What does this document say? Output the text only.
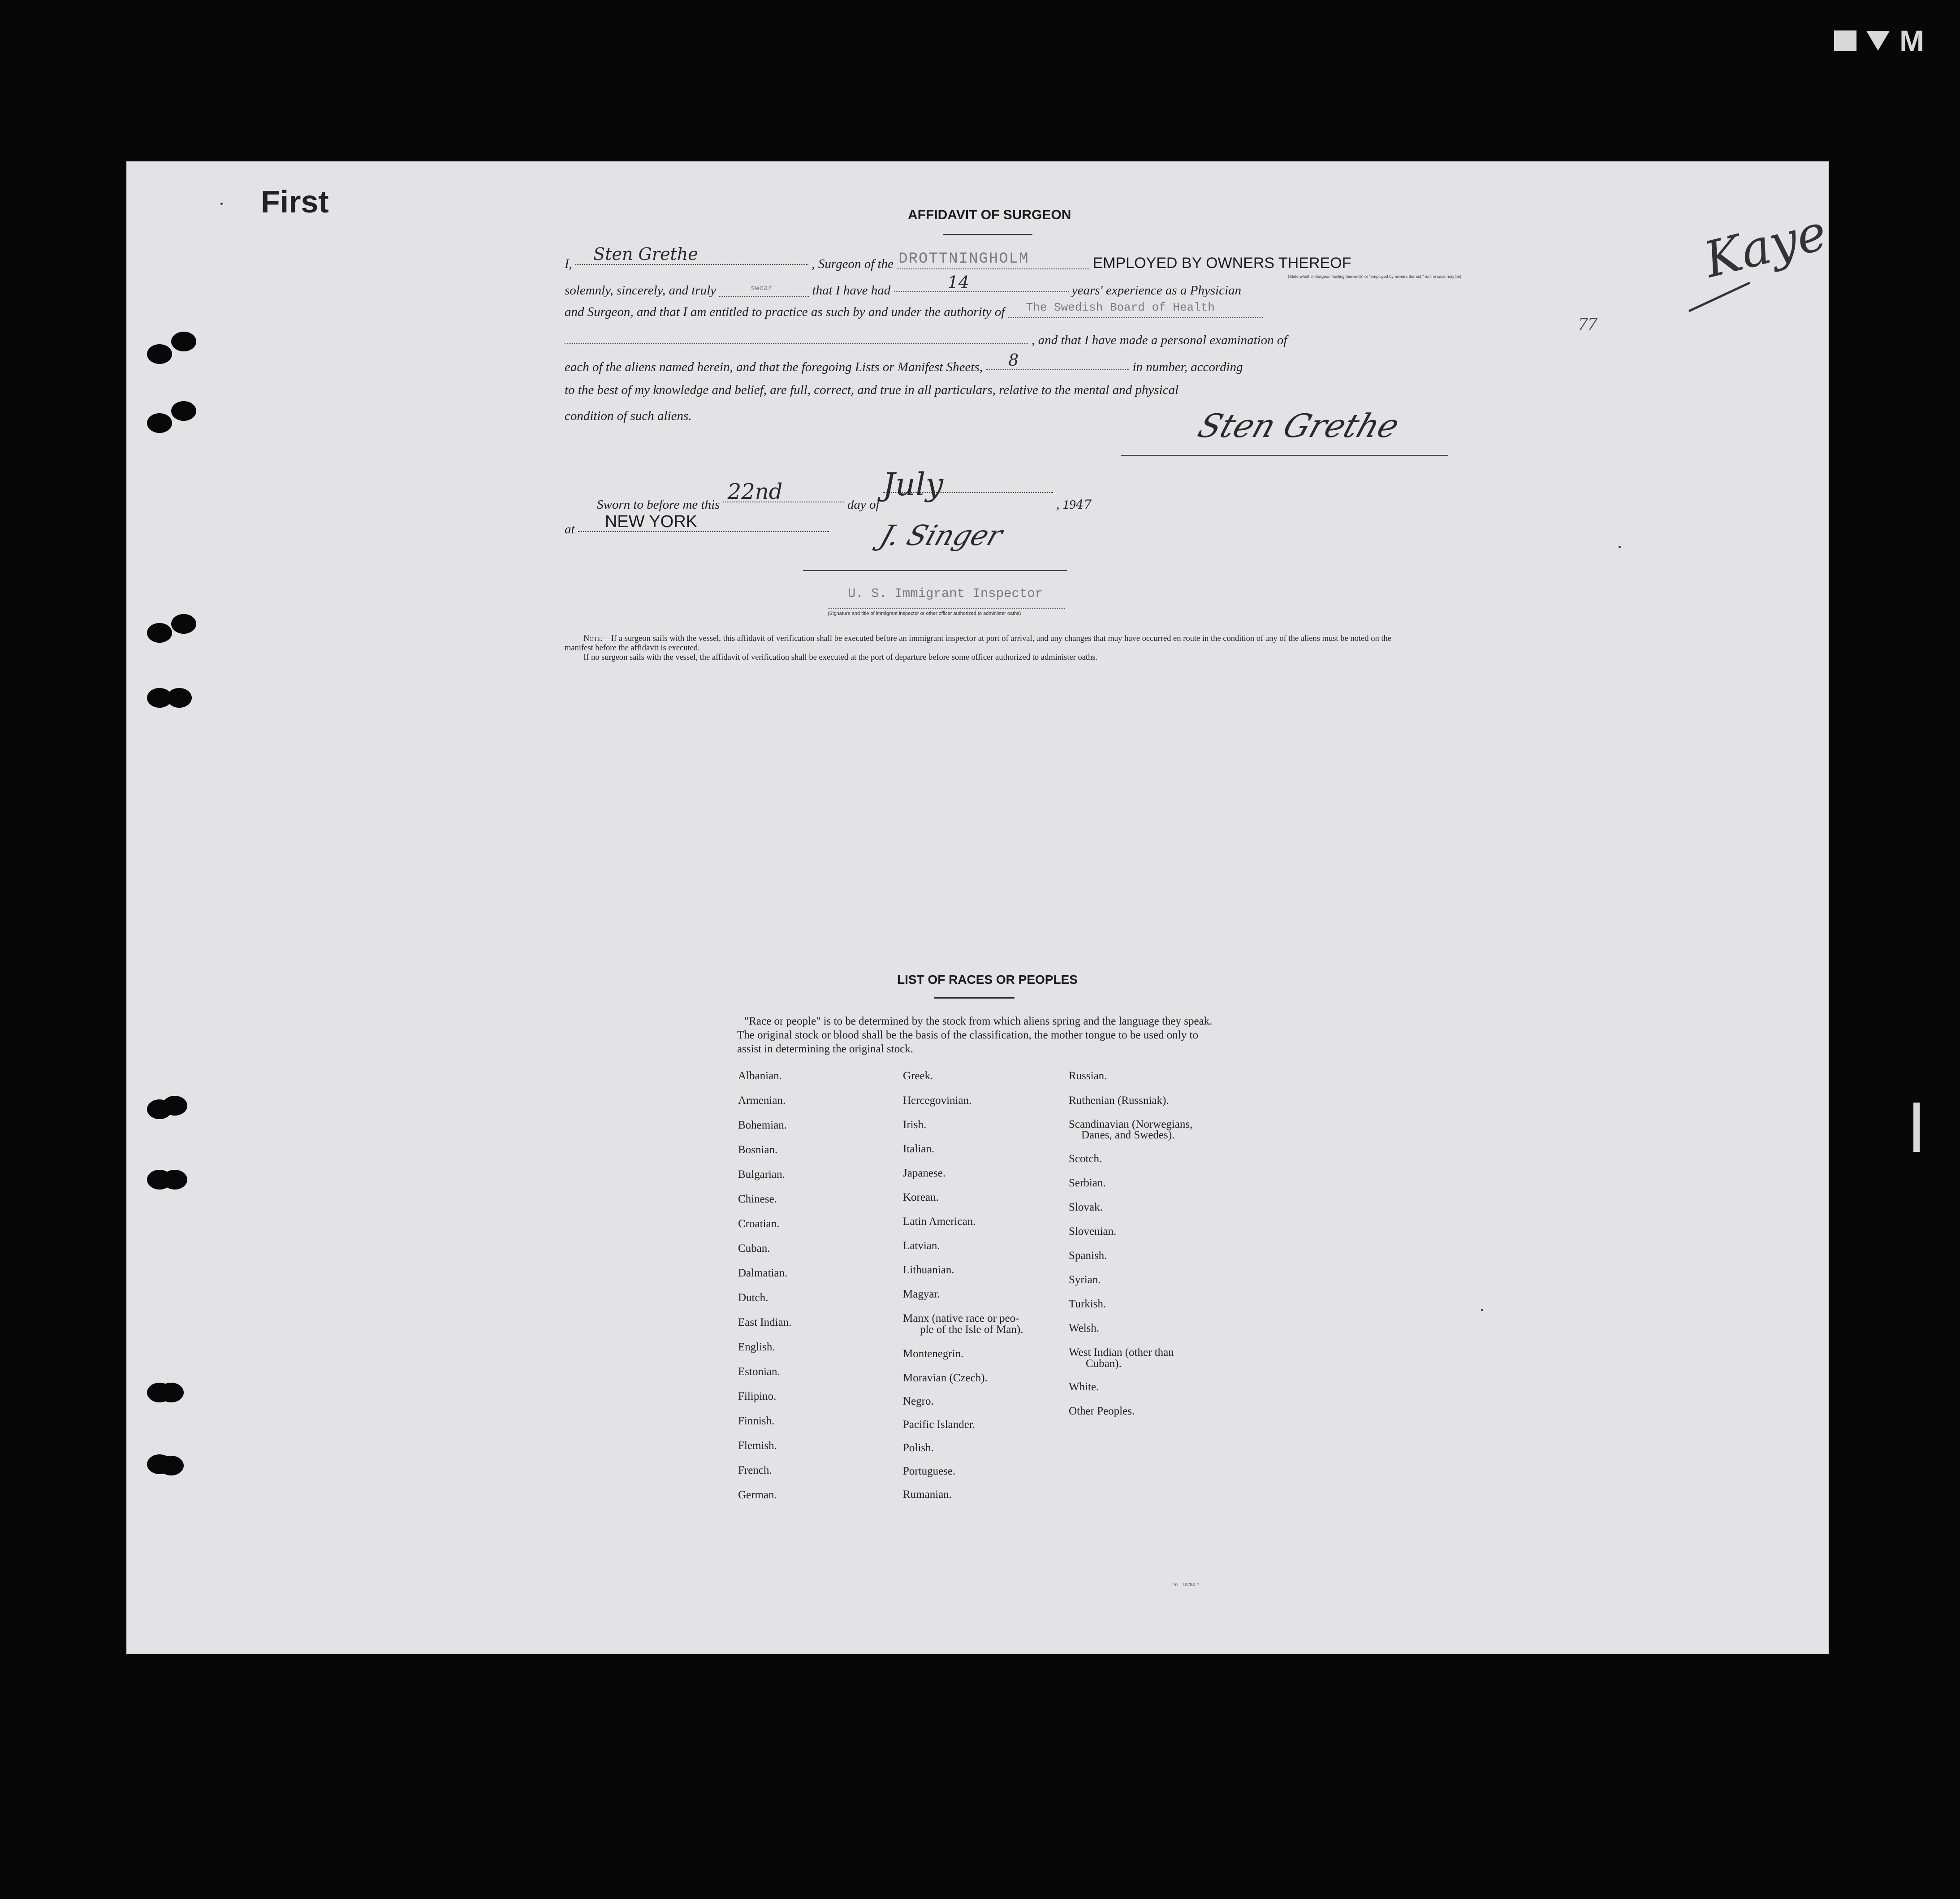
M
First
Kaye
77
AFFIDAVIT OF SURGEON
I, Sten Grethe	, Surgeon of the DROTTNINGHOLM	EMPLOYED BY OWNERS THEREOF
(State whether Surgeon "sailing therewith" or "employed by owners thereof," as the case may be)
solemnly, sincerely, and truly	$^{swear}$	that I have had	14	years' experience as a Physician
and Surgeon, and that I am entitled to practice as such by and under the authority of The Swedish Board of Health
, and that I have made a personal examination of
each of the aliens named herein, and that the foregoing Lists or Manifest Sheets, 8	in number, according
to the best of my knowledge and belief, are full, correct, and true in all particulars, relative to the mental and physical
condition of such aliens.	Sten Grethe
Sworn to before me this 22nd day of July , 1947
at NEW YORK	J. Singer
U. S. Immigrant Inspector
(Signature and title of immigrant inspector or other officer authorized to administer oaths)

Note.—If a surgeon sails with the vessel, this affidavit of verification shall be executed before an immigrant inspector at port of arrival, and any changes that may have occurred en route in the condition of any of the aliens must be noted on the manifest before the affidavit is executed.

If no surgeon sails with the vessel, the affidavit of verification shall be executed at the port of departure before some officer authorized to administer oaths.

LIST OF RACES OR PEOPLES
"Race or people" is to be determined by the stock from which aliens spring and the language they speak. The original stock or blood shall be the basis of the classification, the mother tongue to be used only to assist in determining the original stock.
Albanian.
Armenian.
Bohemian.
Bosnian.
Bulgarian.
Chinese.
Croatian.
Cuban.
Dalmatian.
Dutch.
East Indian.
English.
Estonian.
Filipino.
Finnish.
Flemish.
French.
German.
Greek.
Hercegovinian.
Irish.
Italian.
Japanese.
Korean.
Latin American.
Latvian.
Lithuanian.
Magyar.
Manx (native race or peo-
ple of the Isle of Man).
Montenegrin.
Moravian (Czech).
Negro.
Pacific Islander.
Polish.
Portuguese.
Rumanian.
Russian.
Ruthenian (Russniak).
Scandinavian (Norwegians,
Danes, and Swedes).
Scotch.
Serbian.
Slovak.
Slovenian.
Spanish.
Syrian.
Turkish.
Welsh.
West Indian (other than
Cuban).
White.
Other Peoples.
16—18788-2
